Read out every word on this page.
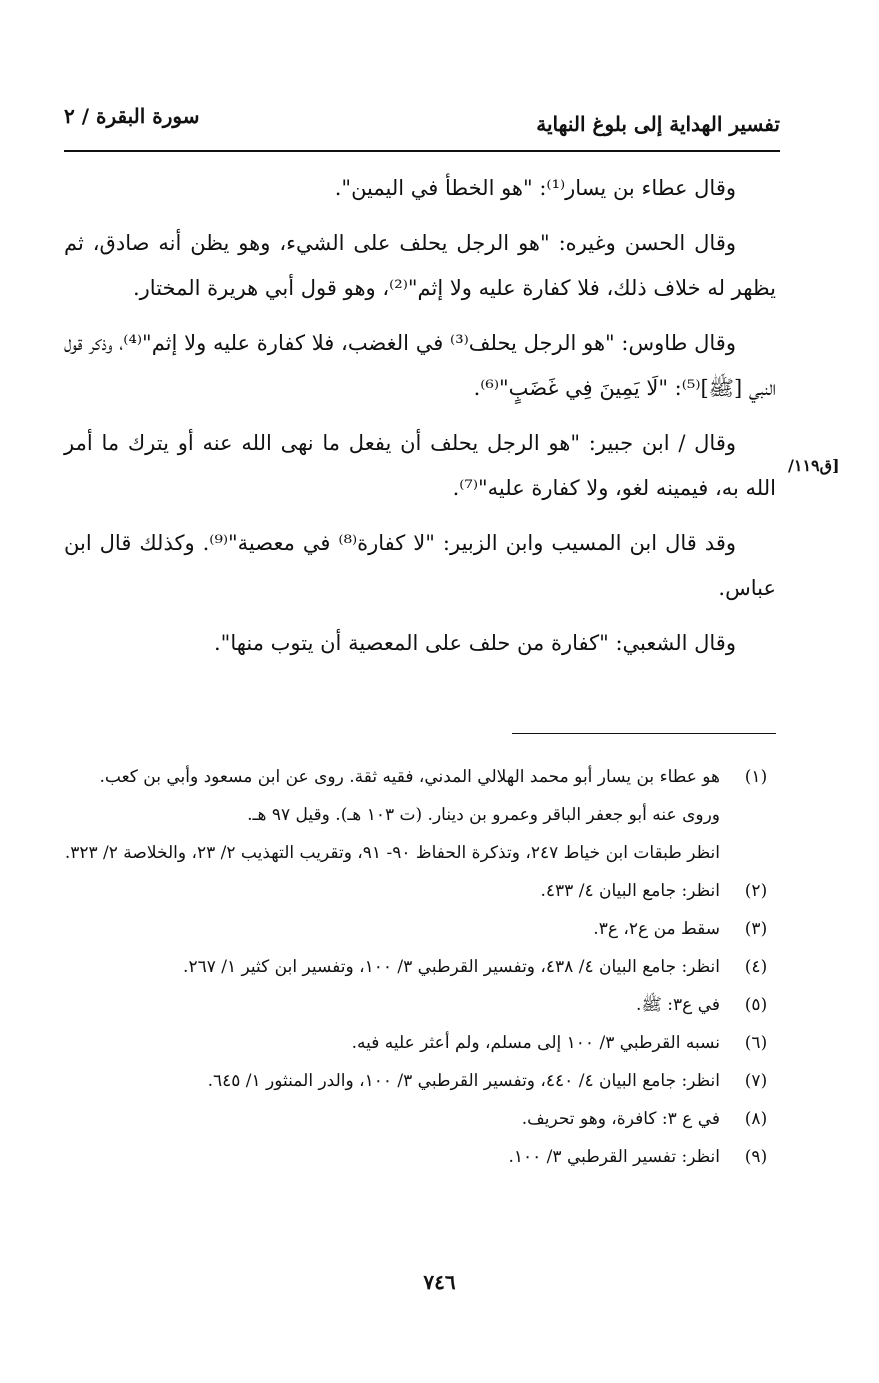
تفسير الهداية إلى بلوغ النهاية
سورة البقرة / ٢
[ق١١٩/

وقال عطاء بن يسار⁽¹⁾: "هو الخطأ في اليمين".

وقال الحسن وغيره: "هو الرجل يحلف على الشيء، وهو يظن أنه صادق، ثم يظهر له خلاف ذلك، فلا كفارة عليه ولا إثم"⁽²⁾، وهو قول أبي هريرة المختار.

وقال طاوس: "هو الرجل يحلف⁽³⁾ في الغضب، فلا كفارة عليه ولا إثم"⁽⁴⁾، وذكر قول النبي [ﷺ]⁽⁵⁾: "لَا يَمِينَ فِي غَضَبٍ"⁽⁶⁾.

وقال / ابن جبير: "هو الرجل يحلف أن يفعل ما نهى الله عنه أو يترك ما أمر الله به، فيمينه لغو، ولا كفارة عليه"⁽⁷⁾.

وقد قال ابن المسيب وابن الزبير: "لا كفارة⁽⁸⁾ في معصية"⁽⁹⁾. وكذلك قال ابن عباس.

وقال الشعبي: "كفارة من حلف على المعصية أن يتوب منها".

(١)
هو عطاء بن يسار أبو محمد الهلالي المدني، فقيه ثقة. روى عن ابن مسعود وأبي بن كعب.
وروى عنه أبو جعفر الباقر وعمرو بن دينار. (ت ١٠٣ هـ). وقيل ٩٧ هـ.
انظر طبقات ابن خياط ٢٤٧، وتذكرة الحفاظ ٩٠- ٩١، وتقريب التهذيب ٢/ ٢٣، والخلاصة ٢/ ٣٢٣.
(٢)
انظر: جامع البيان ٤/ ٤٣٣.
(٣)
سقط من ع٢، ع٣.
(٤)
انظر: جامع البيان ٤/ ٤٣٨، وتفسير القرطبي ٣/ ١٠٠، وتفسير ابن كثير ١/ ٢٦٧.
(٥)
في ع٣: ﷺ.
(٦)
نسبه القرطبي ٣/ ١٠٠ إلى مسلم، ولم أعثر عليه فيه.
(٧)
انظر: جامع البيان ٤/ ٤٤٠، وتفسير القرطبي ٣/ ١٠٠، والدر المنثور ١/ ٦٤٥.
(٨)
في ع ٣: كافرة، وهو تحريف.
(٩)
انظر: تفسير القرطبي ٣/ ١٠٠.
٧٤٦
